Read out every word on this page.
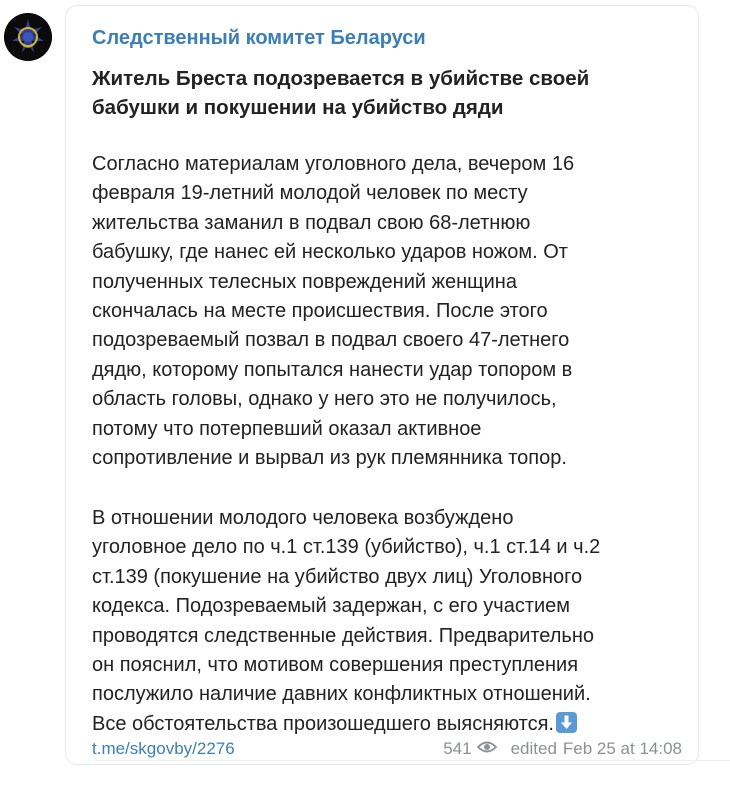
Следственный комитет Беларуси
Житель Бреста подозревается в убийстве своей бабушки и покушении на убийство дяди
Согласно материалам уголовного дела, вечером 16
февраля 19-летний молодой человек по месту
жительства заманил в подвал свою 68-летнюю
бабушку, где нанес ей несколько ударов ножом. От
полученных телесных повреждений женщина
скончалась на месте происшествия. После этого
подозреваемый позвал в подвал своего 47-летнего
дядю, которому попытался нанести удар топором в
область головы, однако у него это не получилось,
потому что потерпевший оказал активное
сопротивление и вырвал из рук племянника топор.
В отношении молодого человека возбуждено
уголовное дело по ч.1 ст.139 (убийство), ч.1 ст.14 и ч.2
ст.139 (покушение на убийство двух лиц) Уголовного
кодекса. Подозреваемый задержан, с его участием
проводятся следственные действия. Предварительно
он пояснил, что мотивом совершения преступления
послужило наличие давних конфликтных отношений.
Все обстоятельства произошедшего выясняются.
t.me/skgovby/2276	541 edited Feb 25 at 14:08
